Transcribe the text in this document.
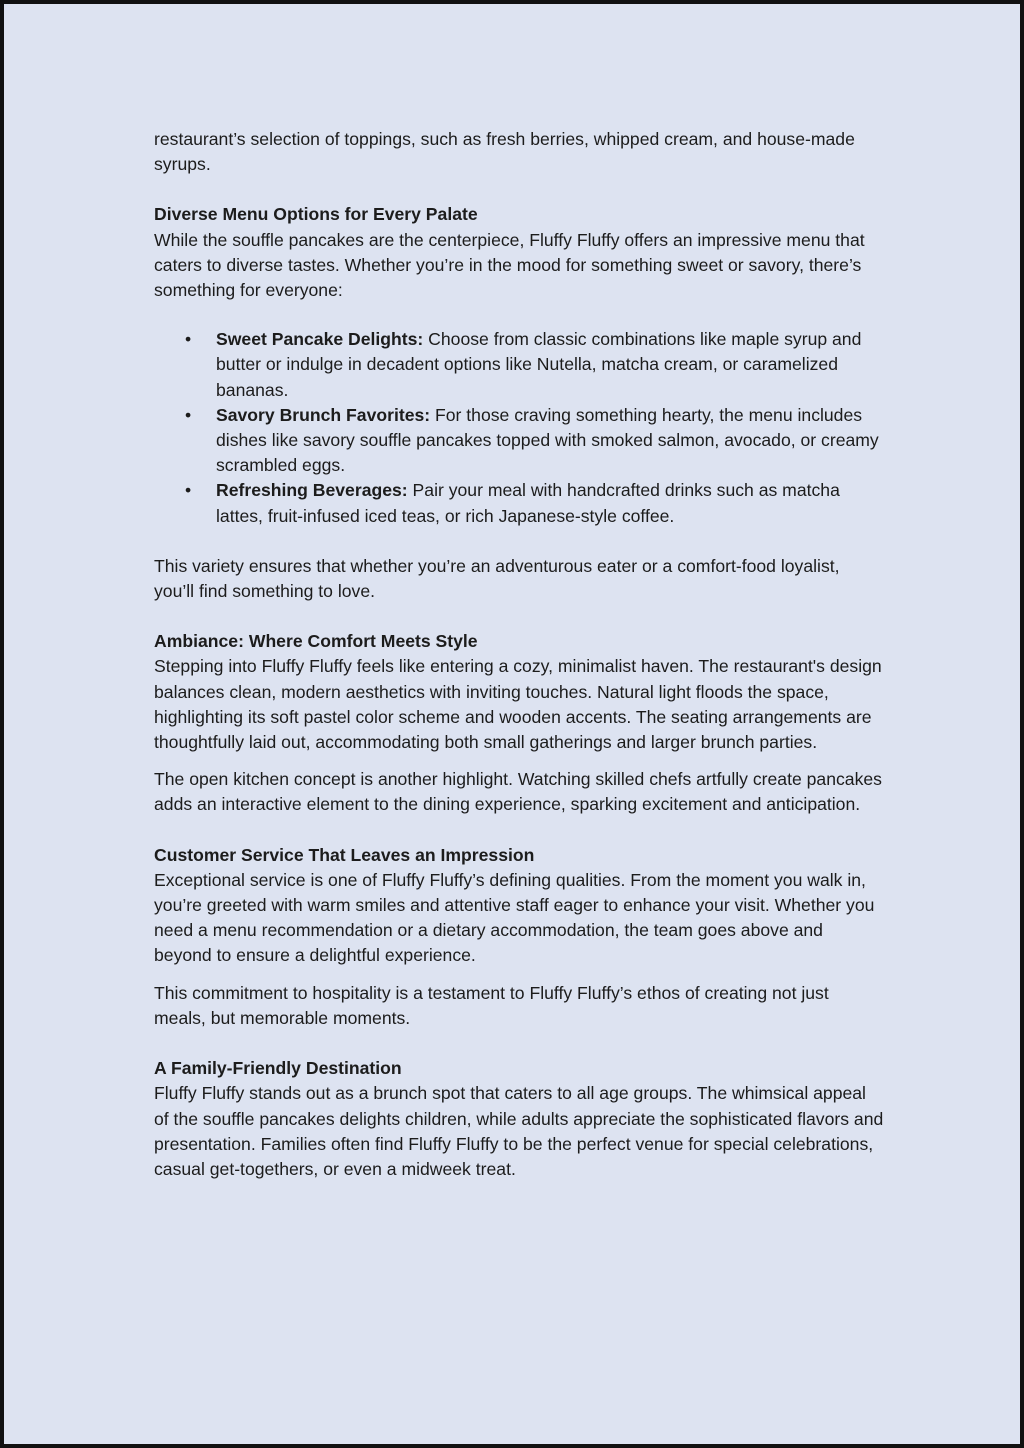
restaurant’s selection of toppings, such as fresh berries, whipped cream, and house-made syrups.

Diverse Menu Options for Every Palate

While the souffle pancakes are the centerpiece, Fluffy Fluffy offers an impressive menu that caters to diverse tastes. Whether you’re in the mood for something sweet or savory, there’s something for everyone:

• Sweet Pancake Delights: Choose from classic combinations like maple syrup and butter or indulge in decadent options like Nutella, matcha cream, or caramelized bananas.
• Savory Brunch Favorites: For those craving something hearty, the menu includes dishes like savory souffle pancakes topped with smoked salmon, avocado, or creamy scrambled eggs.
• Refreshing Beverages: Pair your meal with handcrafted drinks such as matcha lattes, fruit-infused iced teas, or rich Japanese-style coffee.

This variety ensures that whether you’re an adventurous eater or a comfort-food loyalist, you’ll find something to love.

Ambiance: Where Comfort Meets Style

Stepping into Fluffy Fluffy feels like entering a cozy, minimalist haven. The restaurant's design balances clean, modern aesthetics with inviting touches. Natural light floods the space, highlighting its soft pastel color scheme and wooden accents. The seating arrangements are thoughtfully laid out, accommodating both small gatherings and larger brunch parties.

The open kitchen concept is another highlight. Watching skilled chefs artfully create pancakes adds an interactive element to the dining experience, sparking excitement and anticipation.

Customer Service That Leaves an Impression

Exceptional service is one of Fluffy Fluffy’s defining qualities. From the moment you walk in, you’re greeted with warm smiles and attentive staff eager to enhance your visit. Whether you need a menu recommendation or a dietary accommodation, the team goes above and beyond to ensure a delightful experience.

This commitment to hospitality is a testament to Fluffy Fluffy’s ethos of creating not just meals, but memorable moments.

A Family-Friendly Destination

Fluffy Fluffy stands out as a brunch spot that caters to all age groups. The whimsical appeal of the souffle pancakes delights children, while adults appreciate the sophisticated flavors and presentation. Families often find Fluffy Fluffy to be the perfect venue for special celebrations, casual get-togethers, or even a midweek treat.
